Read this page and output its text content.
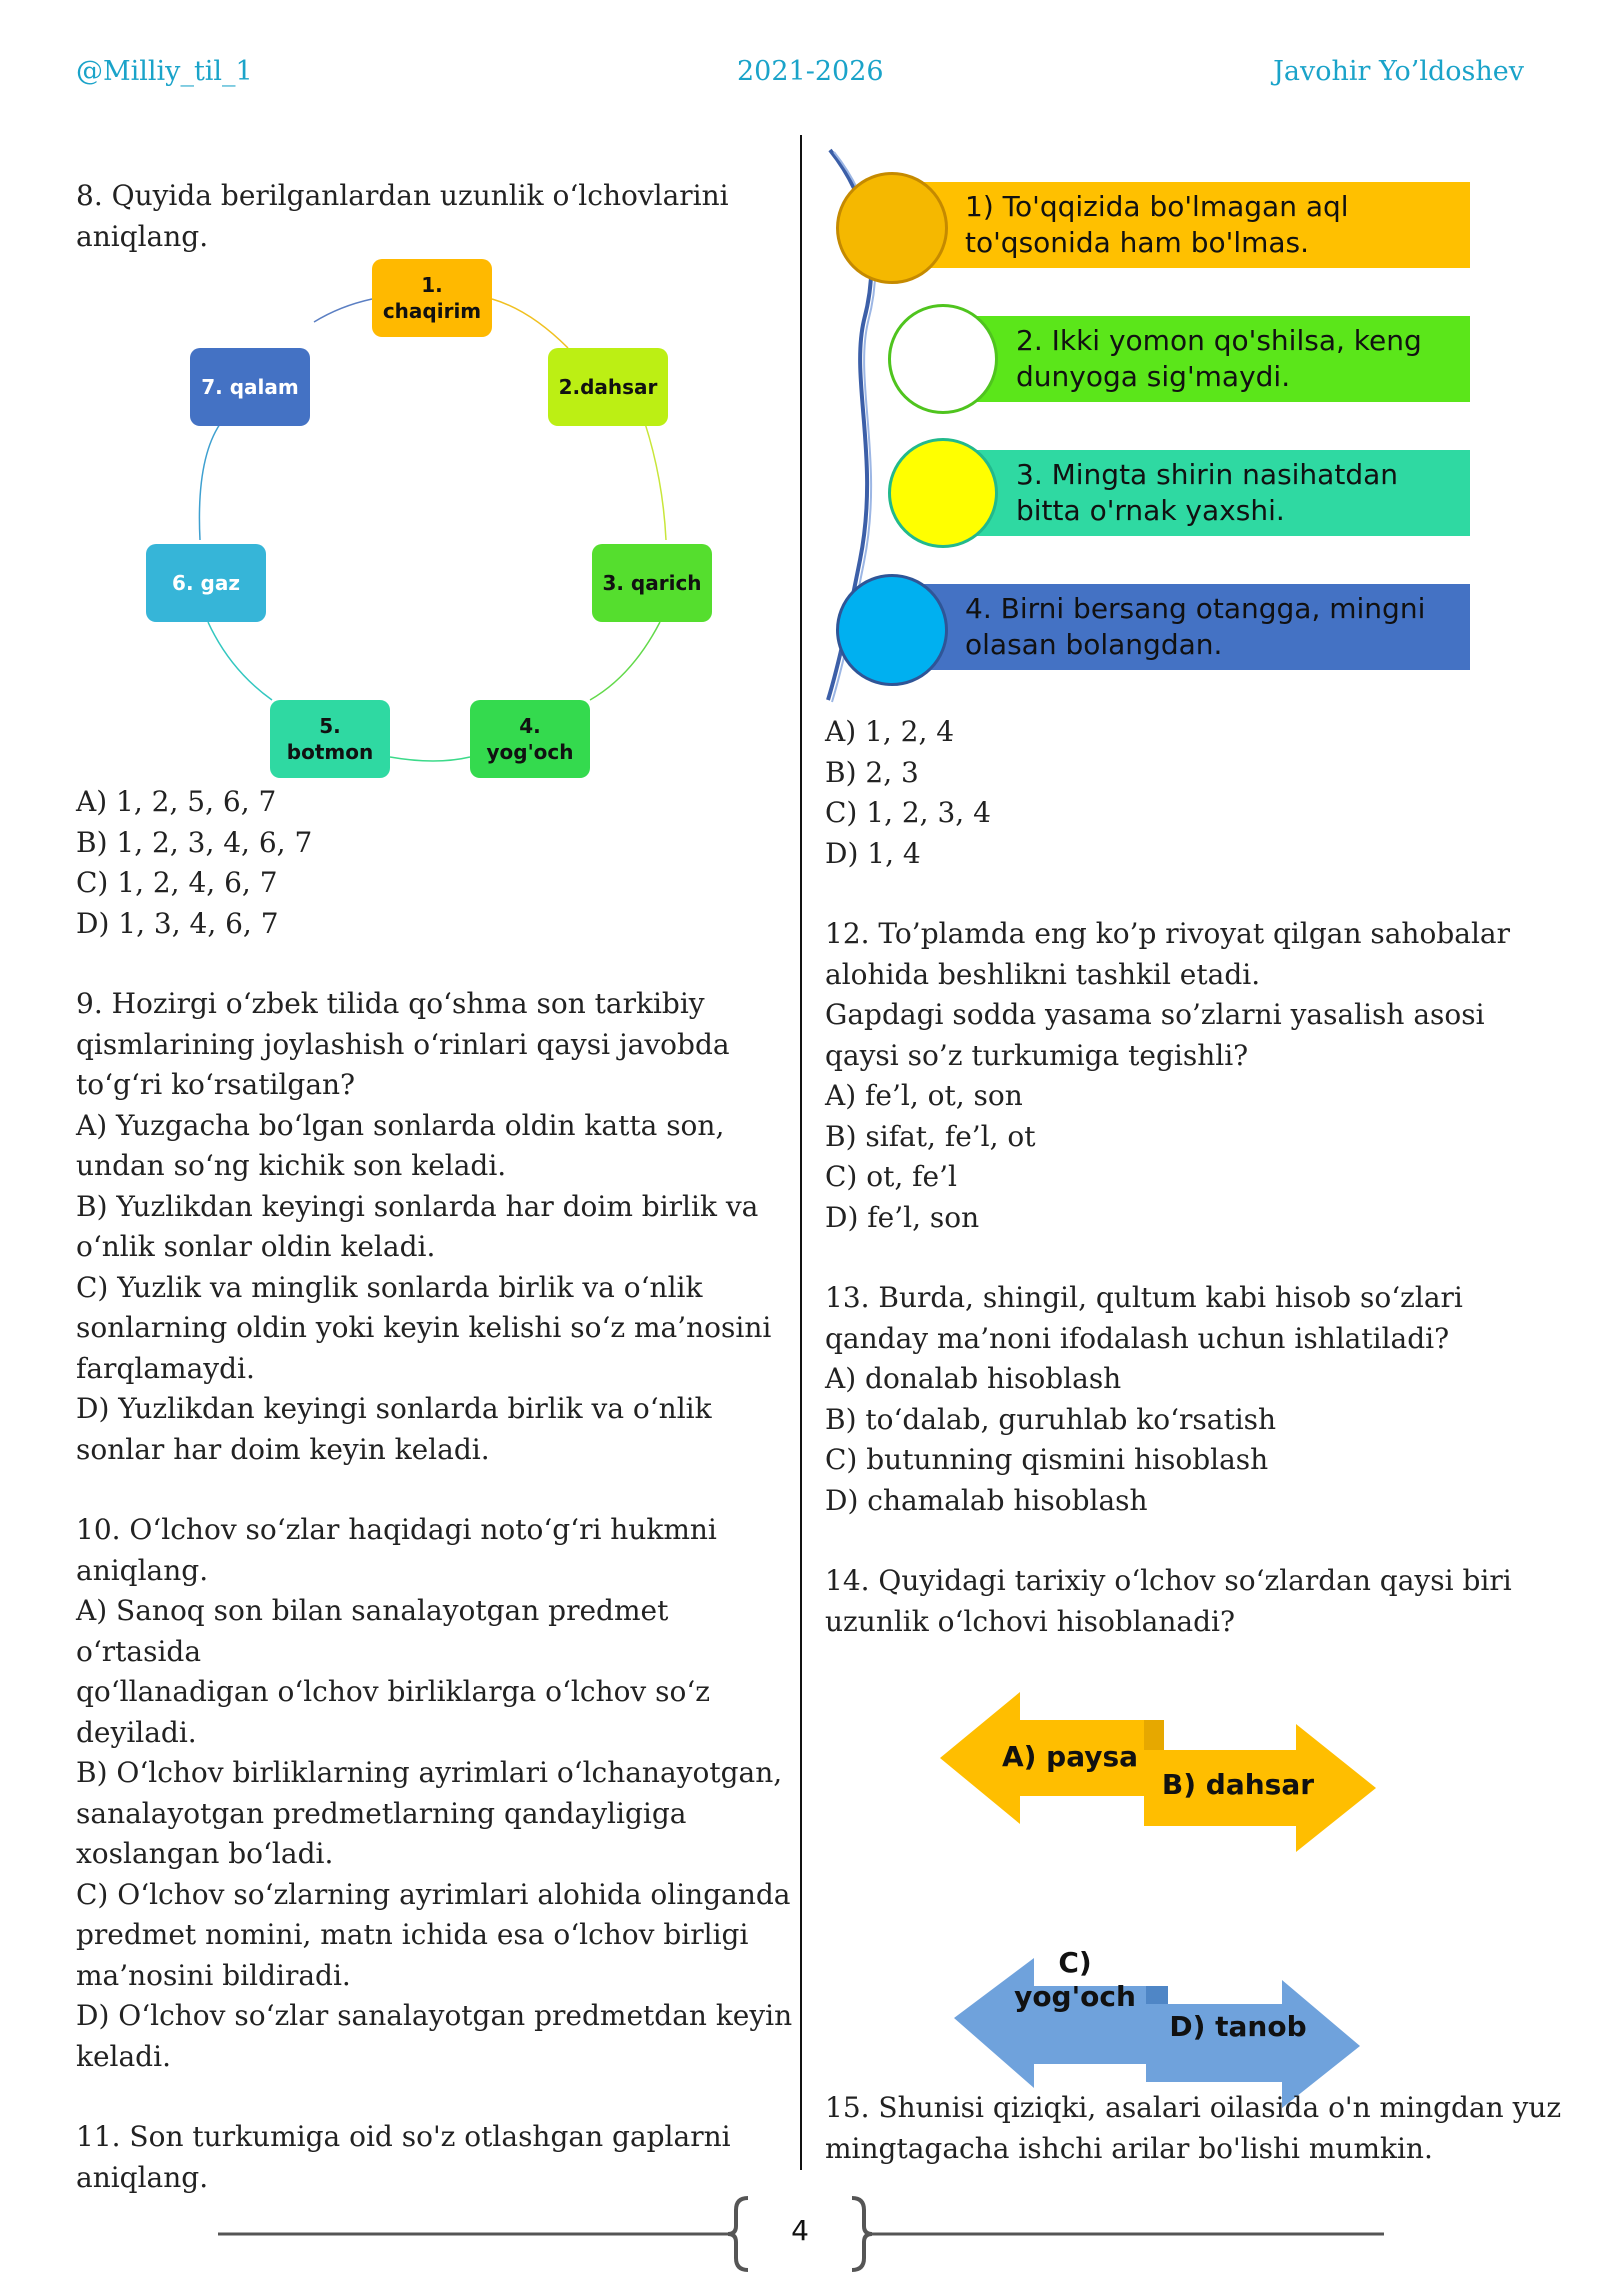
@Milliy_til_1	2021-2026	Javohir Yo’ldoshev

8. Quyida berilganlardan uzunlik o‘lchovlarini

aniqlang.

1.
chaqirim
2.dahsar
3. qarich
4.
yog'och
5.
botmon
6. gaz
7. qalam

A) 1, 2, 5, 6, 7

B) 1, 2, 3, 4, 6, 7

C) 1, 2, 4, 6, 7

D) 1, 3, 4, 6, 7

9. Hozirgi o‘zbek tilida qo‘shma son tarkibiy

qismlarining joylashish o‘rinlari qaysi javobda

to‘g‘ri ko‘rsatilgan?

A) Yuzgacha bo‘lgan sonlarda oldin katta son,

undan so‘ng kichik son keladi.

B) Yuzlikdan keyingi sonlarda har doim birlik va

o‘nlik sonlar oldin keladi.

C) Yuzlik va minglik sonlarda birlik va o‘nlik

sonlarning oldin yoki keyin kelishi so‘z ma’nosini

farqlamaydi.

D) Yuzlikdan keyingi sonlarda birlik va o‘nlik

sonlar har doim keyin keladi.

10. O‘lchov so‘zlar haqidagi noto‘g‘ri hukmni

aniqlang.

A) Sanoq son bilan sanalayotgan predmet o‘rtasida

qo‘llanadigan o‘lchov birliklarga o‘lchov so‘z

deyiladi.

B) O‘lchov birliklarning ayrimlari o‘lchanayotgan,

sanalayotgan predmetlarning qandayligiga

xoslangan bo‘ladi.

C) O‘lchov so‘zlarning ayrimlari alohida olinganda

predmet nomini, matn ichida esa o‘lchov birligi

ma’nosini bildiradi.

D) O‘lchov so‘zlar sanalayotgan predmetdan keyin

keladi.

11. Son turkumiga oid so'z otlashgan gaplarni

aniqlang.

1) To'qqizida bo'lmagan aql to'qsonida ham bo'lmas.
2. Ikki yomon qo'shilsa, keng dunyoga sig'maydi.
3. Mingta shirin nasihatdan bitta o'rnak yaxshi.
4. Birni bersang otangga, mingni olasan bolangdan.

A) 1, 2, 4

B) 2, 3

C) 1, 2, 3, 4

D) 1, 4

12. To’plamda eng ko’p rivoyat qilgan sahobalar

alohida beshlikni tashkil etadi.

Gapdagi sodda yasama so’zlarni yasalish asosi

qaysi so’z turkumiga tegishli?

A) fe’l, ot, son

B) sifat, fe’l, ot

C) ot, fe’l

D) fe’l, son

13. Burda, shingil, qultum kabi hisob so‘zlari

qanday ma’noni ifodalash uchun ishlatiladi?

A) donalab hisoblash

B) to‘dalab, guruhlab ko‘rsatish

C) butunning qismini hisoblash

D) chamalab hisoblash

14. Quyidagi tarixiy o‘lchov so‘zlardan qaysi biri

uzunlik o‘lchovi hisoblanadi?

A) paysa
B) dahsar
C)
yog'och
D) tanob

15. Shunisi qiziqki, asalari oilasida o'n mingdan yuz

mingtagacha ishchi arilar bo'lishi mumkin.

4
